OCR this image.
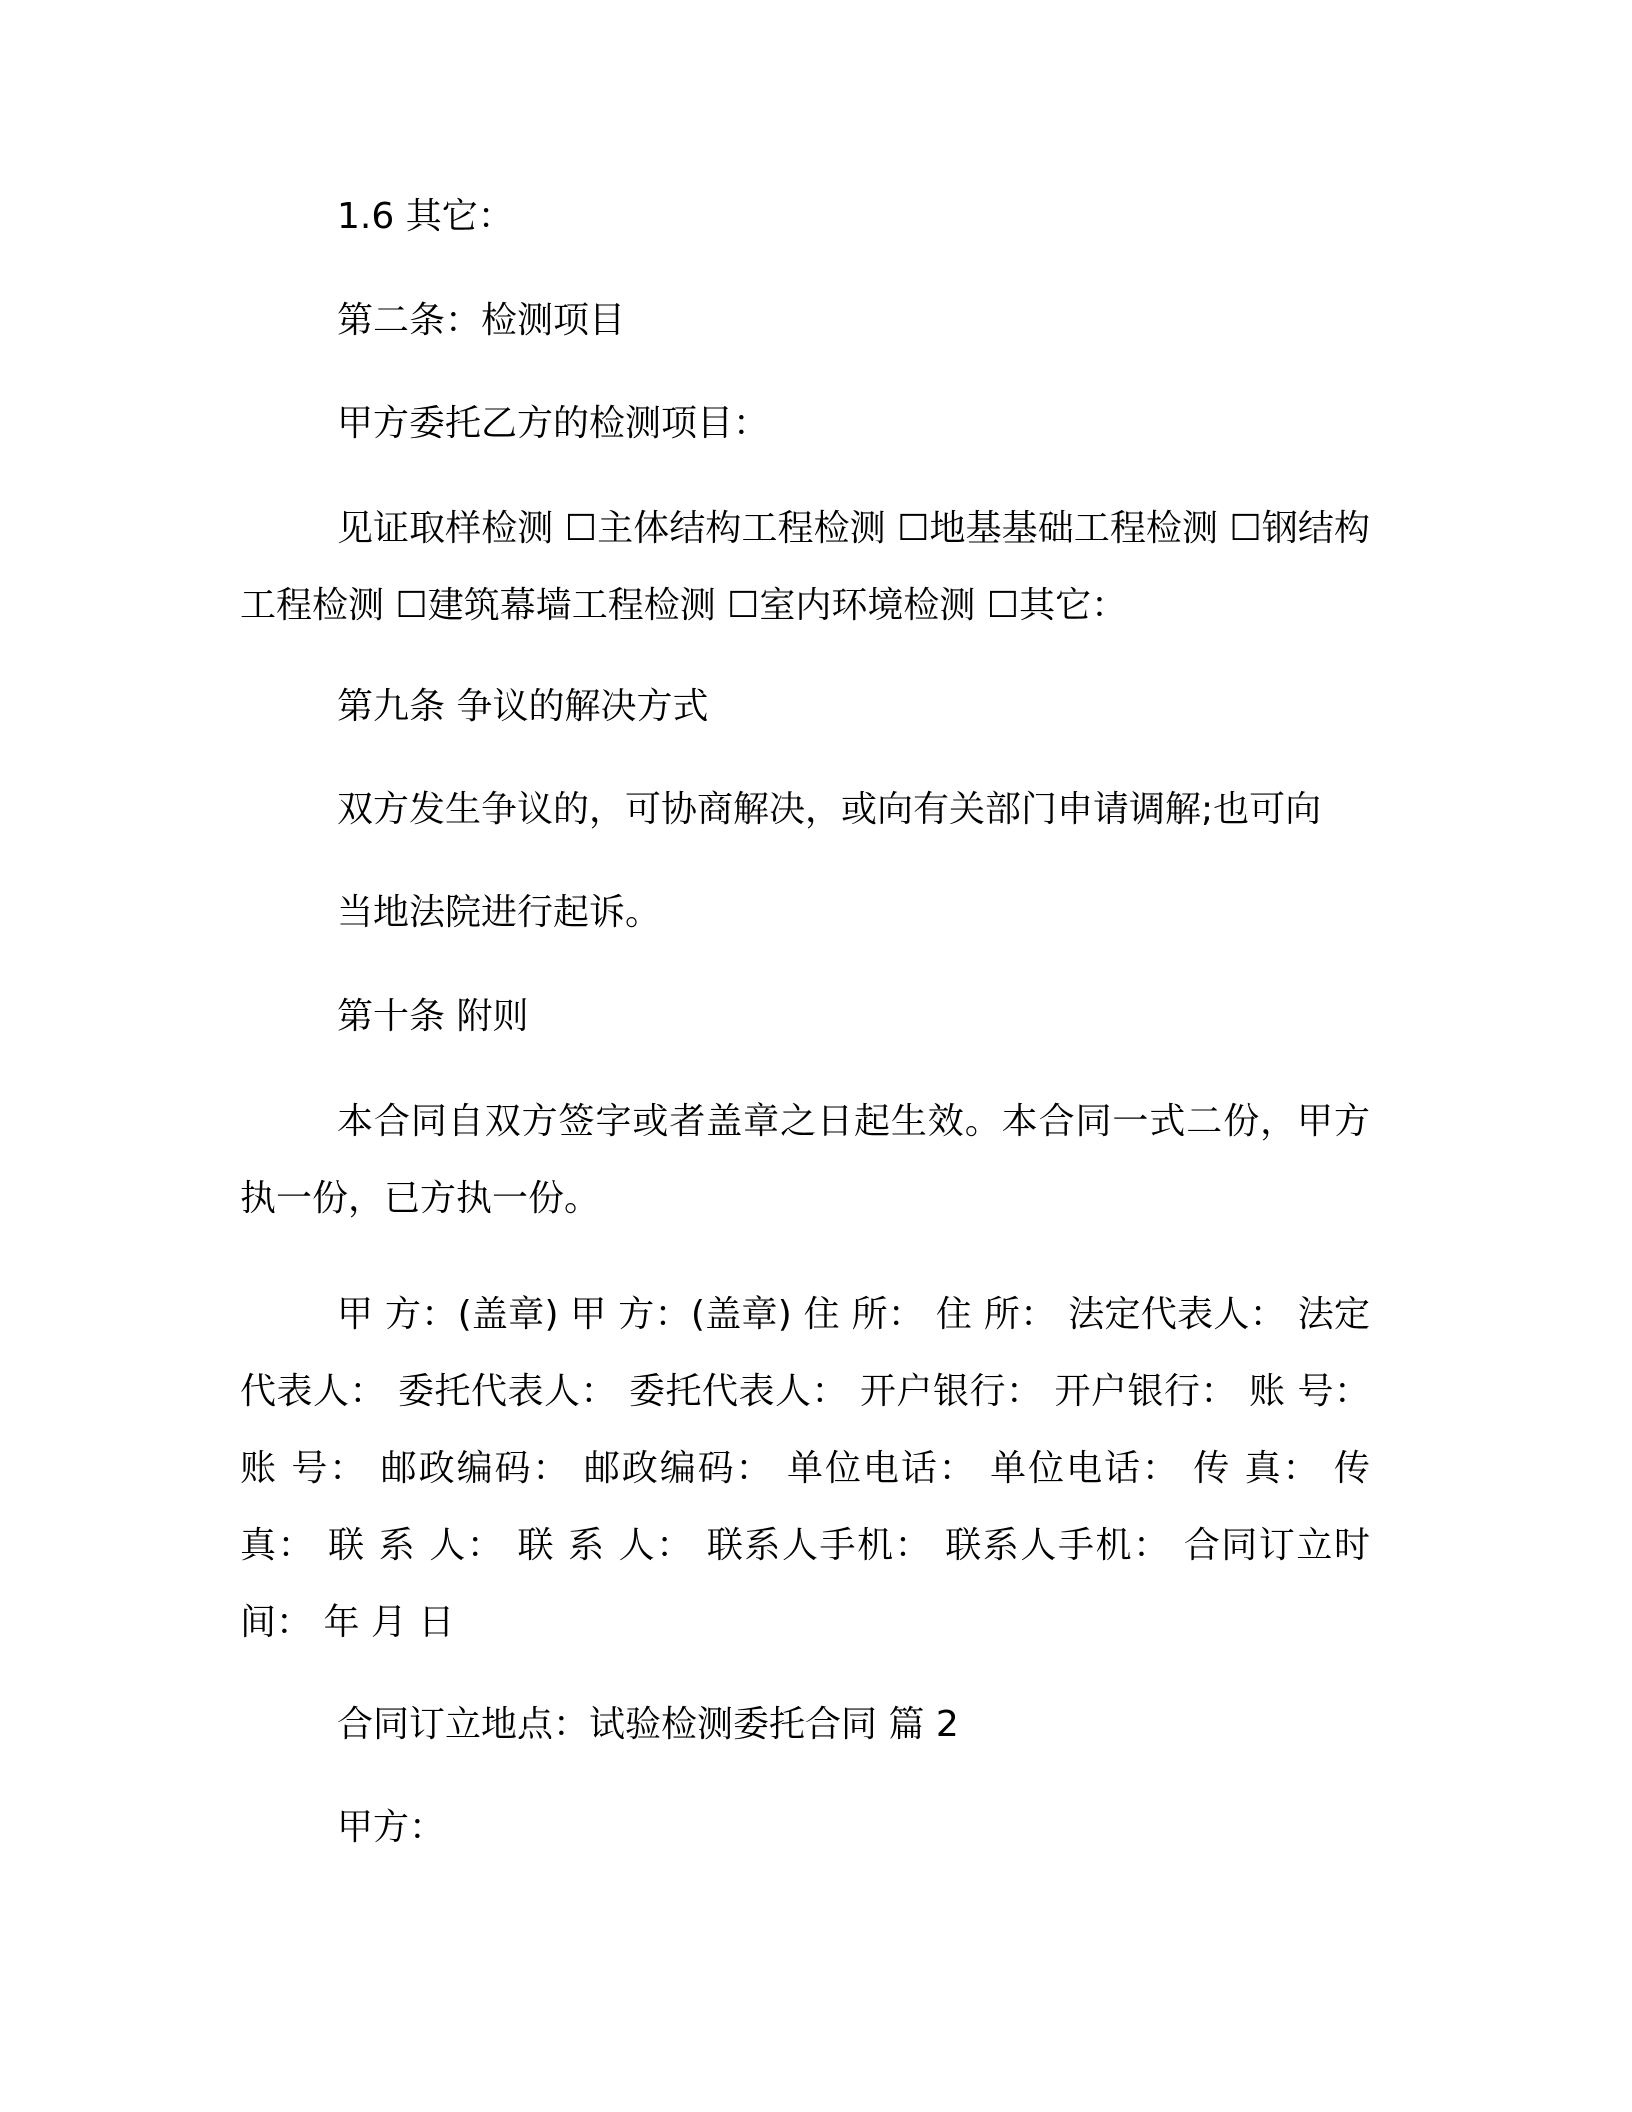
1.6 其它：
第二条：检测项目
甲方委托乙方的检测项目：
见证取样检测 ☐主体结构工程检测 ☐地基基础工程检测 ☐钢结构工程检测 ☐建筑幕墙工程检测 ☐室内环境检测 ☐其它：
第九条 争议的解决方式
双方发生争议的，可协商解决，或向有关部门申请调解;也可向
当地法院进行起诉。
第十条 附则
本合同自双方签字或者盖章之日起生效。本合同一式二份，甲方执一份，已方执一份。
甲 方：(盖章) 甲 方：(盖章) 住 所： 住 所： 法定代表人： 法定代表人： 委托代表人： 委托代表人： 开户银行： 开户银行： 账 号： 账 号： 邮政编码： 邮政编码： 单位电话： 单位电话： 传 真： 传 真： 联 系 人： 联 系 人： 联系人手机： 联系人手机： 合同订立时间： 年 月 日
合同订立地点：试验检测委托合同 篇 2
甲方：
